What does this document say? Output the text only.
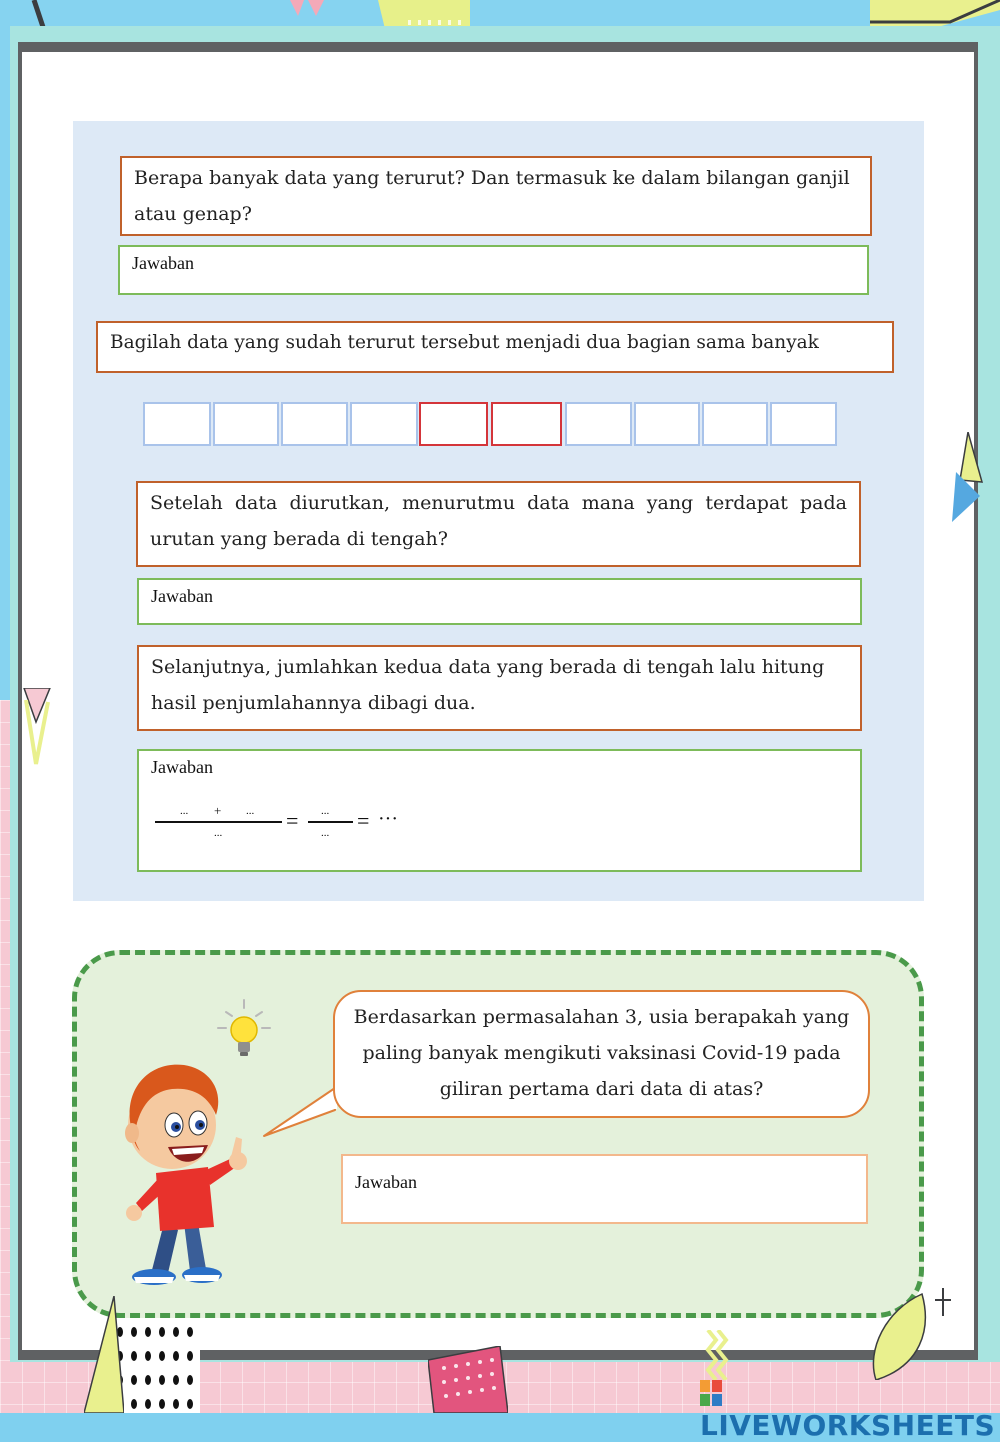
Berapa banyak data yang terurut? Dan termasuk ke dalam bilangan ganjil atau genap?
Jawaban
Bagilah data yang sudah terurut tersebut menjadi dua bagian sama banyak
Setelah data diurutkan, menurutmu data mana yang terdapat pada urutan yang berada di tengah?
Jawaban
Selanjutnya, jumlahkan kedua data yang berada di tengah lalu hitung hasil penjumlahannya dibagi dua.
Jawaban
... + ...
...	= ...
... = ···
Berdasarkan permasalahan 3, usia berapakah yang paling banyak mengikuti vaksinasi Covid-19 pada giliran pertama dari data di atas?
Jawaban
LIVEWORKSHEETS
